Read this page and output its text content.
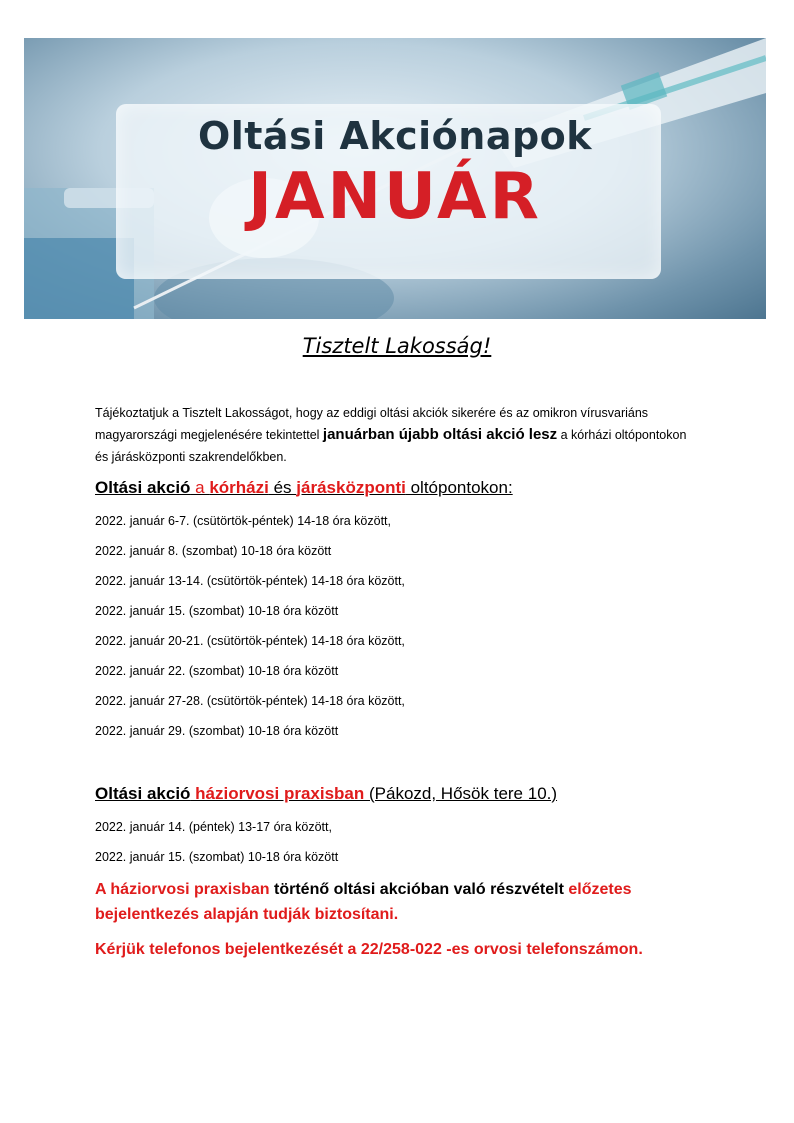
Oltási Akciónapok
JANUÁR
Tisztelt Lakosság!
Tájékoztatjuk a Tisztelt Lakosságot, hogy az eddigi oltási akciók sikerére és az omikron vírusvariáns magyarországi megjelenésére tekintettel januárban újabb oltási akció lesz a kórházi oltópontokon és járásközponti szakrendelőkben.
Oltási akció a kórházi és járásközponti oltópontokon:
2022. január 6-7. (csütörtök-péntek) 14-18 óra között,
2022. január 8. (szombat) 10-18 óra között
2022. január 13-14. (csütörtök-péntek) 14-18 óra között,
2022. január 15. (szombat) 10-18 óra között
2022. január 20-21. (csütörtök-péntek) 14-18 óra között,
2022. január 22. (szombat) 10-18 óra között
2022. január 27-28. (csütörtök-péntek) 14-18 óra között,
2022. január 29. (szombat) 10-18 óra között
Oltási akció háziorvosi praxisban (Pákozd, Hősök tere 10.)
2022. január 14. (péntek) 13-17 óra között,
2022. január 15. (szombat) 10-18 óra között
A háziorvosi praxisban történő oltási akcióban való részvételt előzetes bejelentkezés alapján tudják biztosítani.
Kérjük telefonos bejelentkezését a 22/258-022 -es orvosi telefonszámon.
